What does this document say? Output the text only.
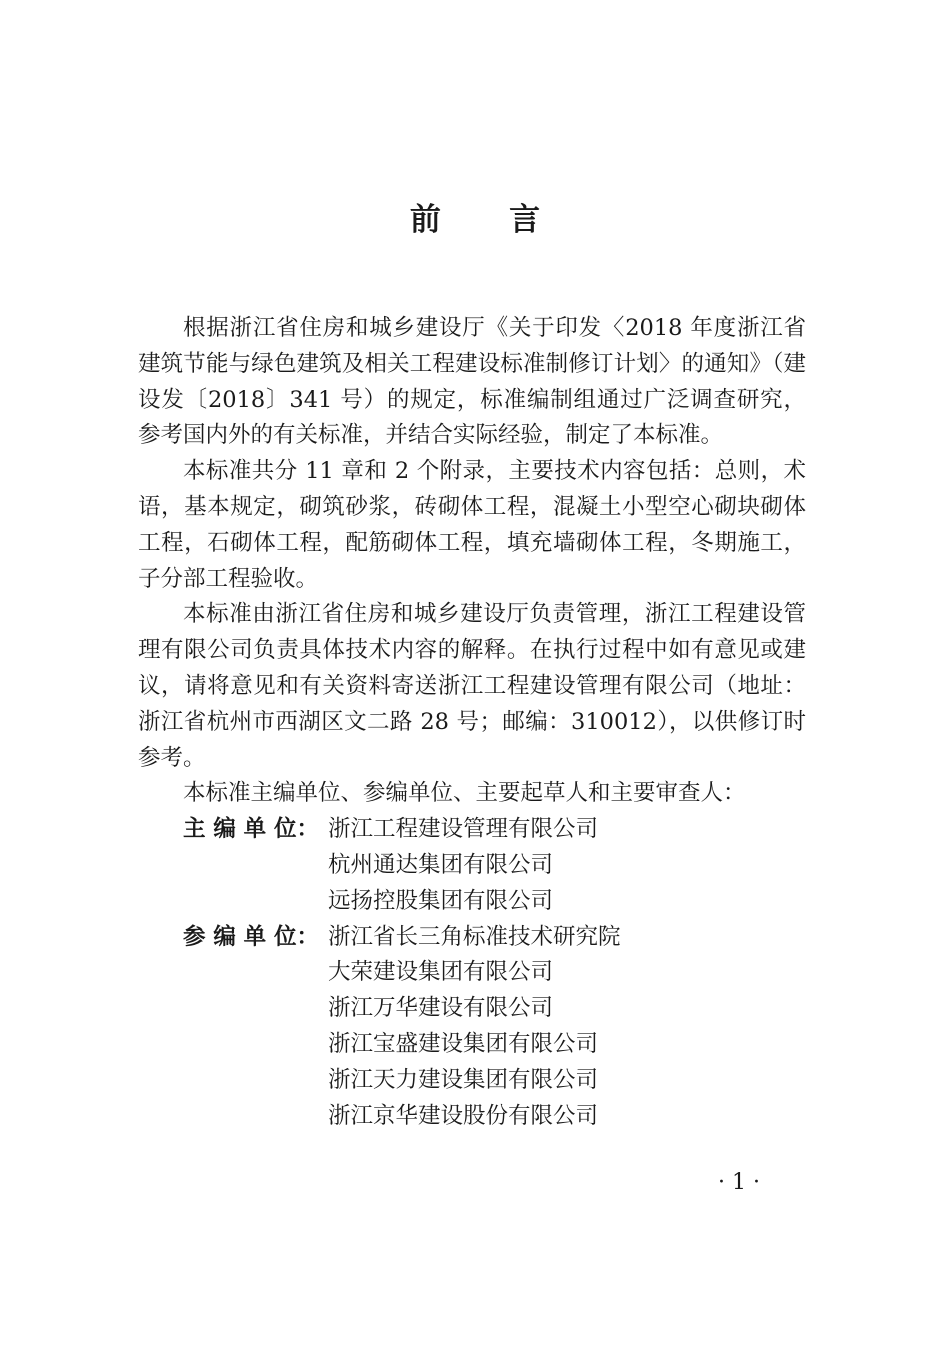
前　言

根据浙江省住房和城乡建设厅《关于印发〈2018 年度浙江省建筑节能与绿色建筑及相关工程建设标准制修订计划〉的通知》（建设发〔2018〕341 号）的规定，标准编制组通过广泛调查研究，参考国内外的有关标准，并结合实际经验，制定了本标准。

本标准共分 11 章和 2 个附录，主要技术内容包括：总则，术语，基本规定，砌筑砂浆，砖砌体工程，混凝土小型空心砌块砌体工程，石砌体工程，配筋砌体工程，填充墙砌体工程，冬期施工，子分部工程验收。

本标准由浙江省住房和城乡建设厅负责管理，浙江工程建设管理有限公司负责具体技术内容的解释。在执行过程中如有意见或建议，请将意见和有关资料寄送浙江工程建设管理有限公司（地址：浙江省杭州市西湖区文二路 28 号；邮编：310012），以供修订时参考。

本标准主编单位、参编单位、主要起草人和主要审查人：

主 编 单 位： 浙江工程建设管理有限公司
杭州通达集团有限公司
远扬控股集团有限公司
参 编 单 位： 浙江省长三角标准技术研究院
大荣建设集团有限公司
浙江万华建设有限公司
浙江宝盛建设集团有限公司
浙江天力建设集团有限公司
浙江京华建设股份有限公司
· 1 ·
